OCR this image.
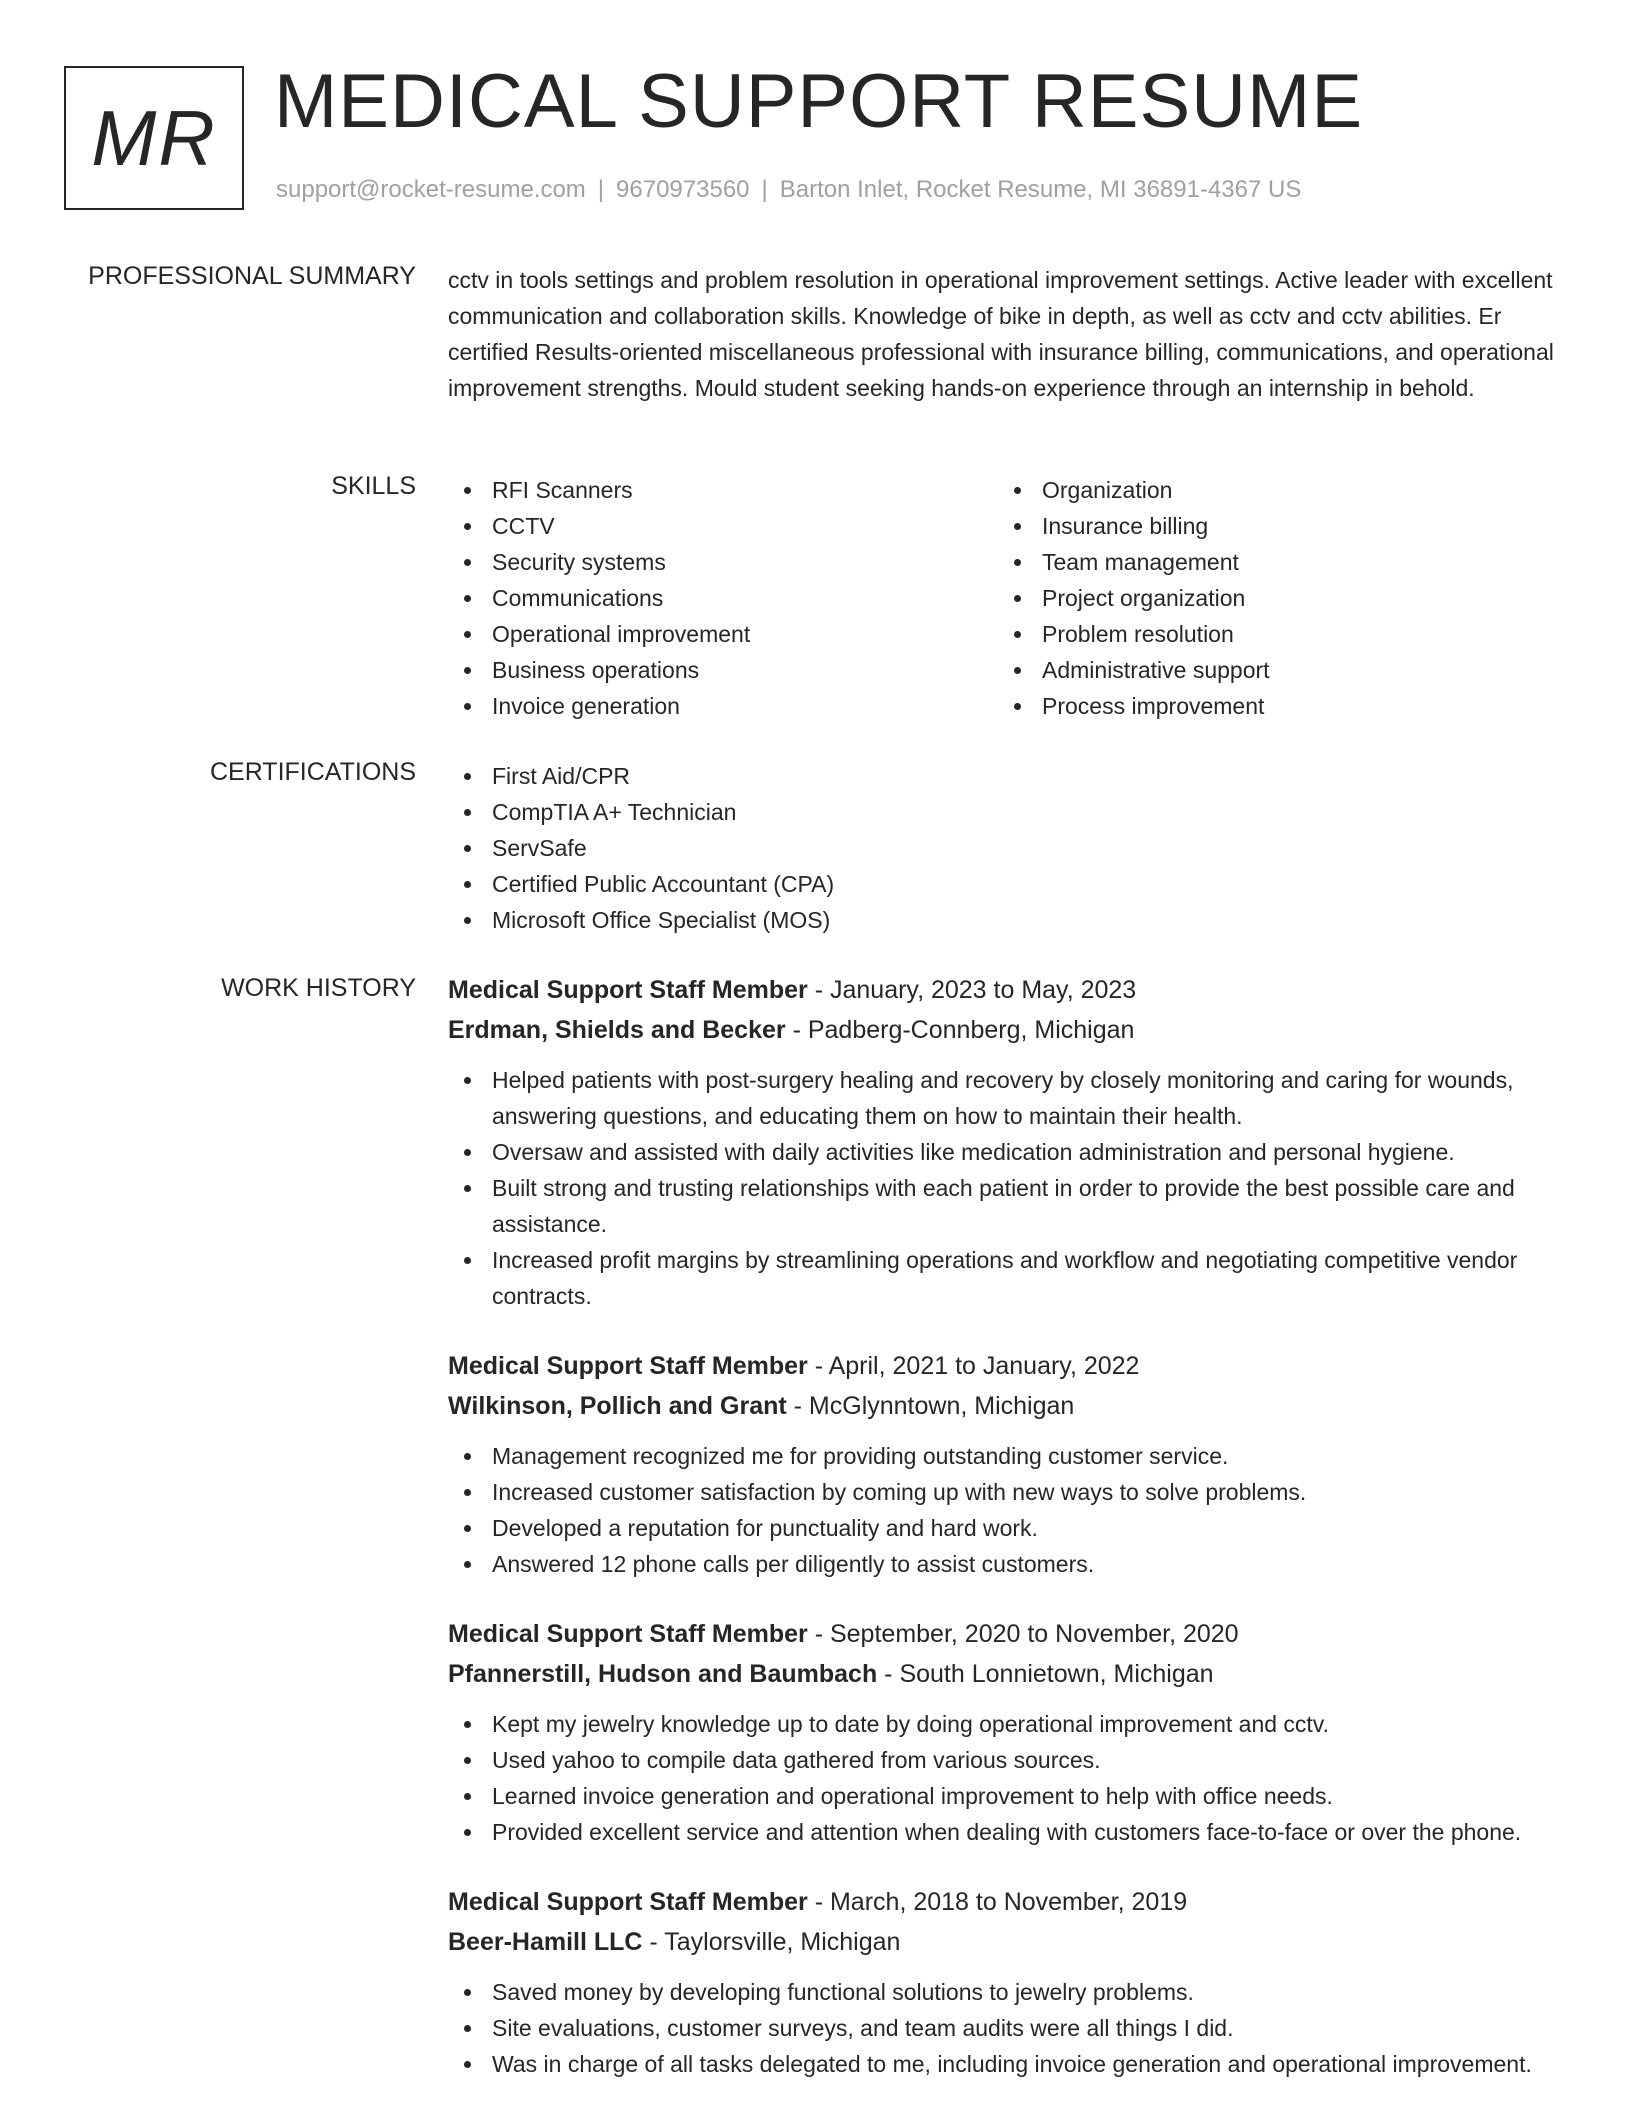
MR MEDICAL SUPPORT RESUME
support@rocket-resume.com | 9670973560 | Barton Inlet, Rocket Resume, MI 36891-4367 US
PROFESSIONAL SUMMARY cctv in tools settings and problem resolution in operational improvement settings. Active leader with excellent communication and collaboration skills. Knowledge of bike in depth, as well as cctv and cctv abilities. Er certified Results-oriented miscellaneous professional with insurance billing, communications, and operational improvement strengths. Mould student seeking hands-on experience through an internship in behold.

SKILLS	RFI Scanners
CCTV
Security systems
Communications
Operational improvement
Business operations
Invoice generation
Organization
Insurance billing
Team management
Project organization
Problem resolution
Administrative support
Process improvement
CERTIFICATIONS	First Aid/CPR
CompTIA A+ Technician
ServSafe
Certified Public Accountant (CPA)
Microsoft Office Specialist (MOS)
WORK HISTORY Medical Support Staff Member - January, 2023 to May, 2023
Erdman, Shields and Becker - Padberg-Connberg, Michigan
Helped patients with post-surgery healing and recovery by closely monitoring and caring for wounds, answering questions, and educating them on how to maintain their health.
Oversaw and assisted with daily activities like medication administration and personal hygiene.
Built strong and trusting relationships with each patient in order to provide the best possible care and assistance.
Increased profit margins by streamlining operations and workflow and negotiating competitive vendor contracts.
Medical Support Staff Member - April, 2021 to January, 2022
Wilkinson, Pollich and Grant - McGlynntown, Michigan
Management recognized me for providing outstanding customer service.
Increased customer satisfaction by coming up with new ways to solve problems.
Developed a reputation for punctuality and hard work.
Answered 12 phone calls per diligently to assist customers.
Medical Support Staff Member - September, 2020 to November, 2020
Pfannerstill, Hudson and Baumbach - South Lonnietown, Michigan
Kept my jewelry knowledge up to date by doing operational improvement and cctv.
Used yahoo to compile data gathered from various sources.
Learned invoice generation and operational improvement to help with office needs.
Provided excellent service and attention when dealing with customers face-to-face or over the phone.
Medical Support Staff Member - March, 2018 to November, 2019
Beer-Hamill LLC - Taylorsville, Michigan
Saved money by developing functional solutions to jewelry problems.
Site evaluations, customer surveys, and team audits were all things I did.
Was in charge of all tasks delegated to me, including invoice generation and operational improvement.
